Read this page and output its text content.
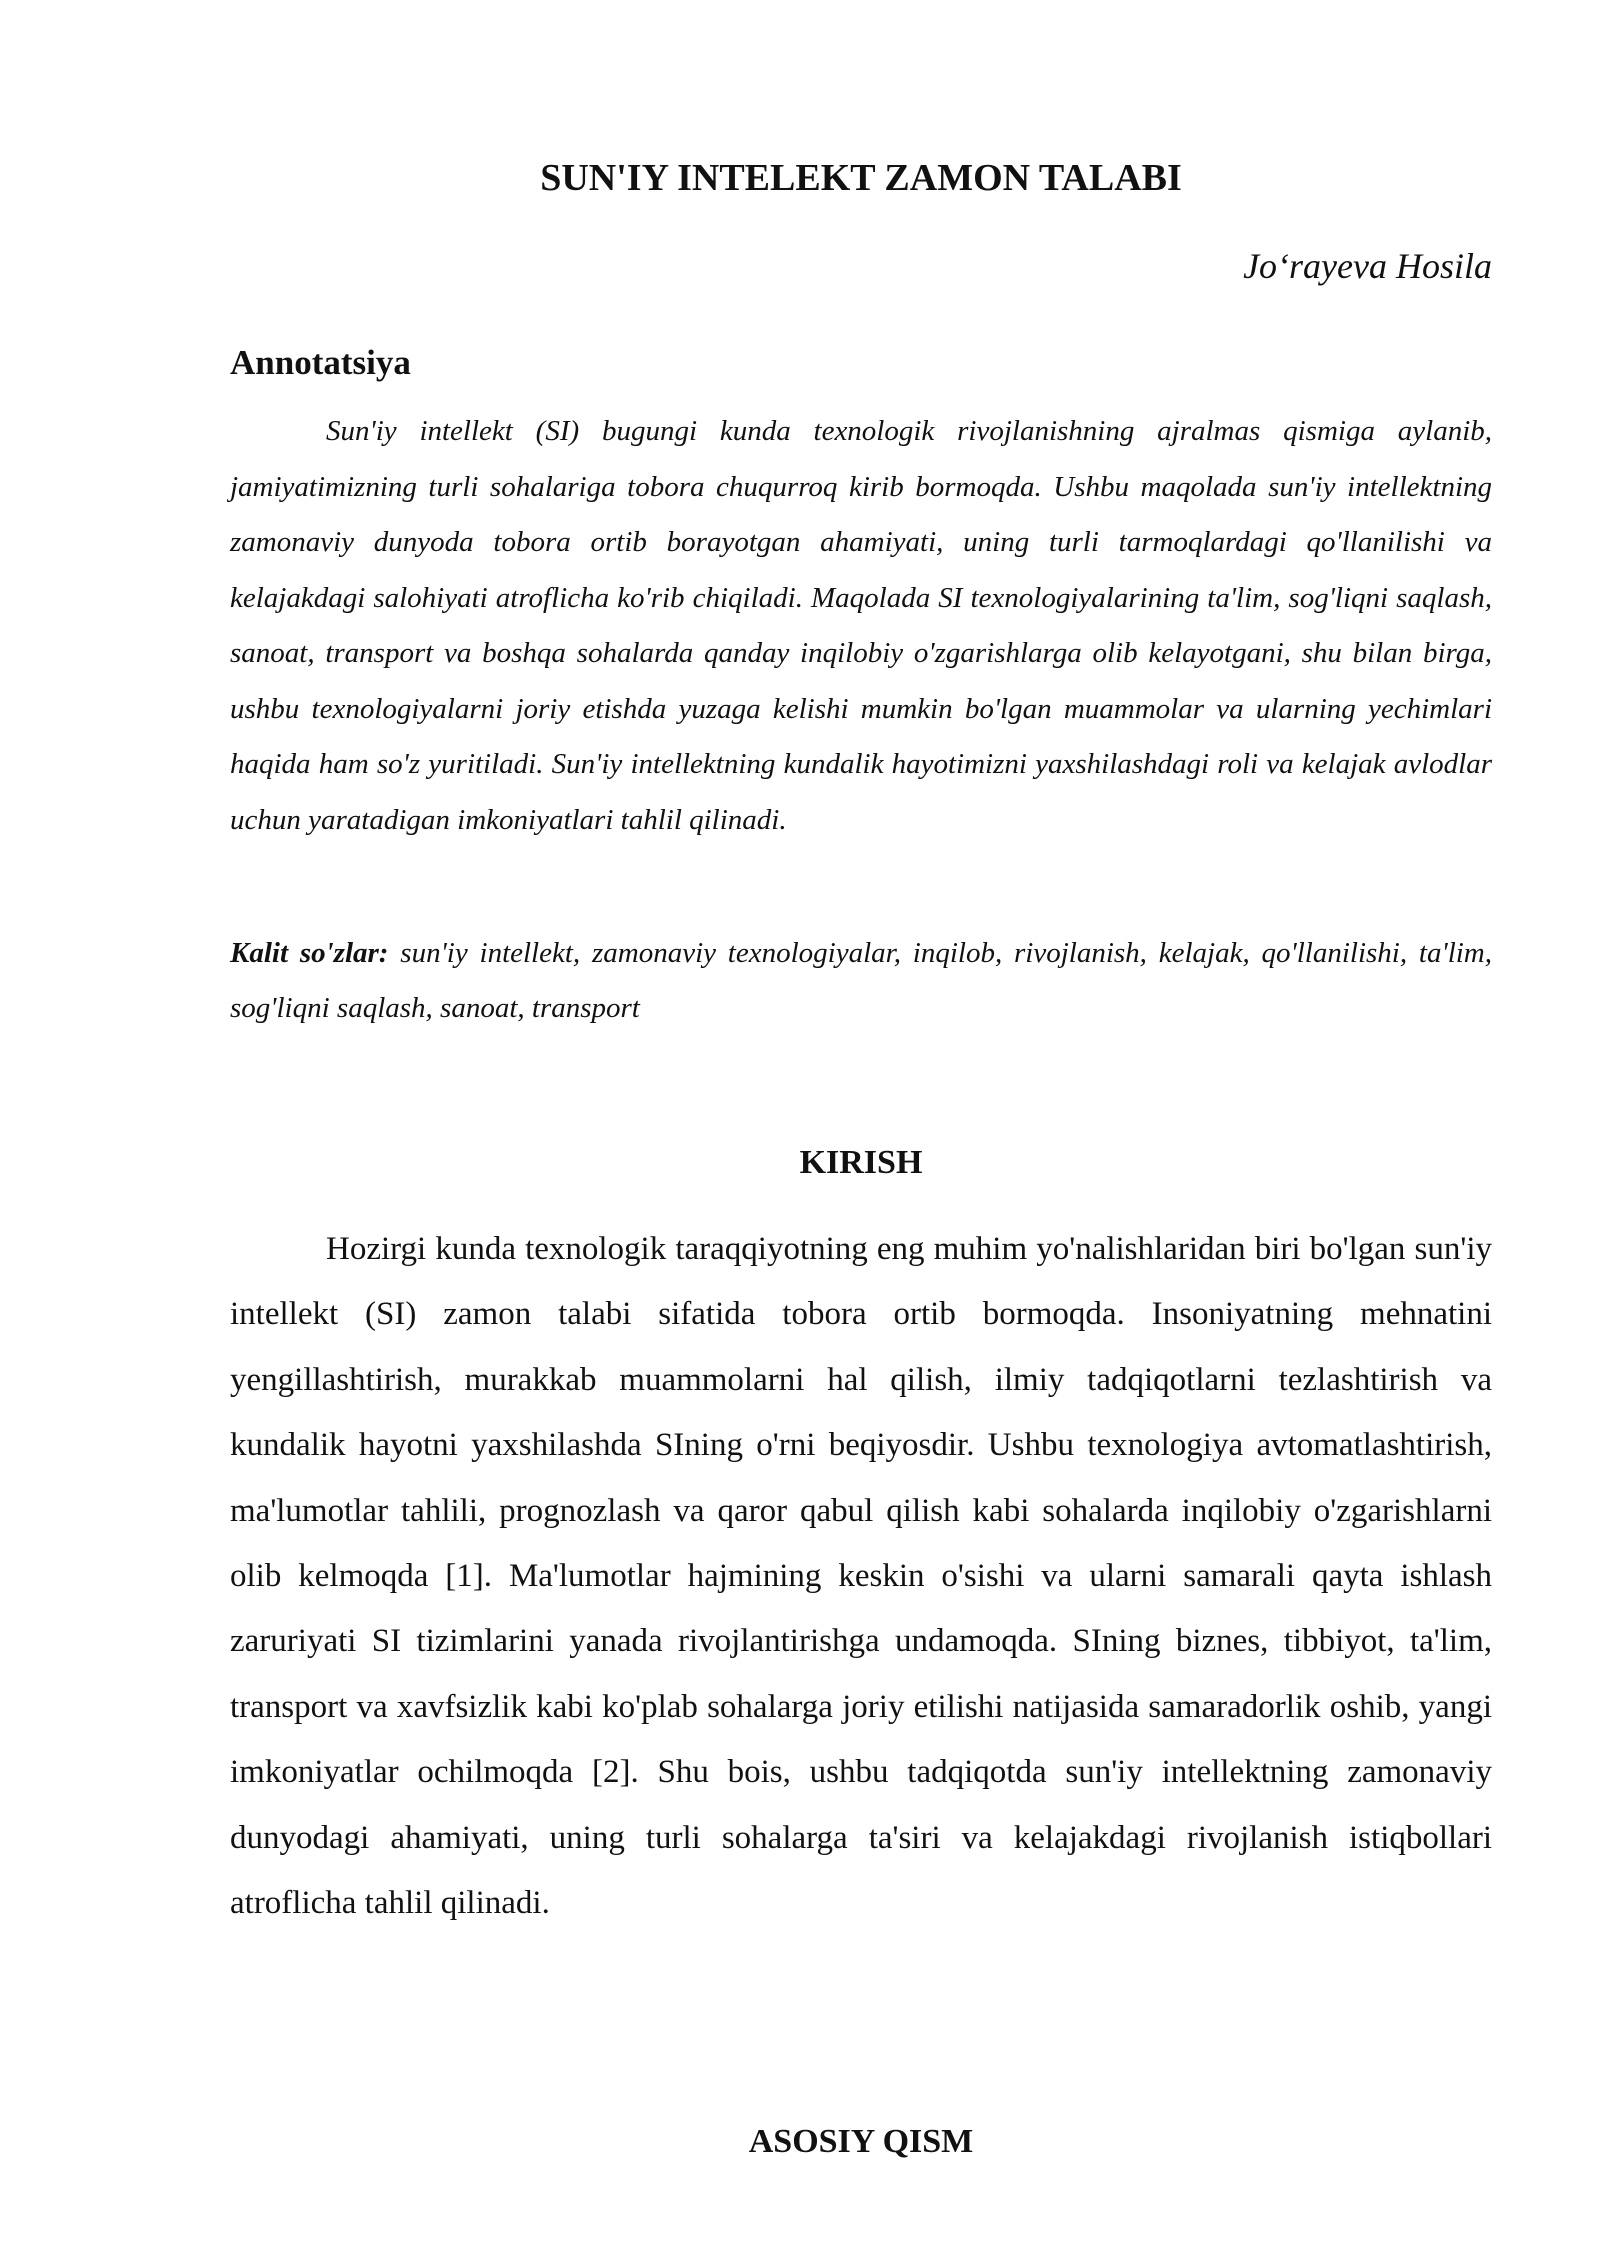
SUN'IY INTELEKT ZAMON TALABI

Jo‘rayeva Hosila

Annotatsiya

Sun'iy intellekt (SI) bugungi kunda texnologik rivojlanishning ajralmas qismiga aylanib, jamiyatimizning turli sohalariga tobora chuqurroq kirib bormoqda. Ushbu maqolada sun'iy intellektning zamonaviy dunyoda tobora ortib borayotgan ahamiyati, uning turli tarmoqlardagi qo'llanilishi va kelajakdagi salohiyati atroflicha ko'rib chiqiladi. Maqolada SI texnologiyalarining ta'lim, sog'liqni saqlash, sanoat, transport va boshqa sohalarda qanday inqilobiy o'zgarishlarga olib kelayotgani, shu bilan birga, ushbu texnologiyalarni joriy etishda yuzaga kelishi mumkin bo'lgan muammolar va ularning yechimlari haqida ham so'z yuritiladi. Sun'iy intellektning kundalik hayotimizni yaxshilashdagi roli va kelajak avlodlar uchun yaratadigan imkoniyatlari tahlil qilinadi.

Kalit so'zlar: sun'iy intellekt, zamonaviy texnologiyalar, inqilob, rivojlanish, kelajak, qo'llanilishi, ta'lim, sog'liqni saqlash, sanoat, transport

KIRISH

Hozirgi kunda texnologik taraqqiyotning eng muhim yo'nalishlaridan biri bo'lgan sun'iy intellekt (SI) zamon talabi sifatida tobora ortib bormoqda. Insoniyatning mehnatini yengillashtirish, murakkab muammolarni hal qilish, ilmiy tadqiqotlarni tezlashtirish va kundalik hayotni yaxshilashda SIning o'rni beqiyosdir. Ushbu texnologiya avtomatlashtirish, ma'lumotlar tahlili, prognozlash va qaror qabul qilish kabi sohalarda inqilobiy o'zgarishlarni olib kelmoqda [1]. Ma'lumotlar hajmining keskin o'sishi va ularni samarali qayta ishlash zaruriyati SI tizimlarini yanada rivojlantirishga undamoqda. SIning biznes, tibbiyot, ta'lim, transport va xavfsizlik kabi ko'plab sohalarga joriy etilishi natijasida samaradorlik oshib, yangi imkoniyatlar ochilmoqda [2]. Shu bois, ushbu tadqiqotda sun'iy intellektning zamonaviy dunyodagi ahamiyati, uning turli sohalarga ta'siri va kelajakdagi rivojlanish istiqbollari atroflicha tahlil qilinadi.

ASOSIY QISM
